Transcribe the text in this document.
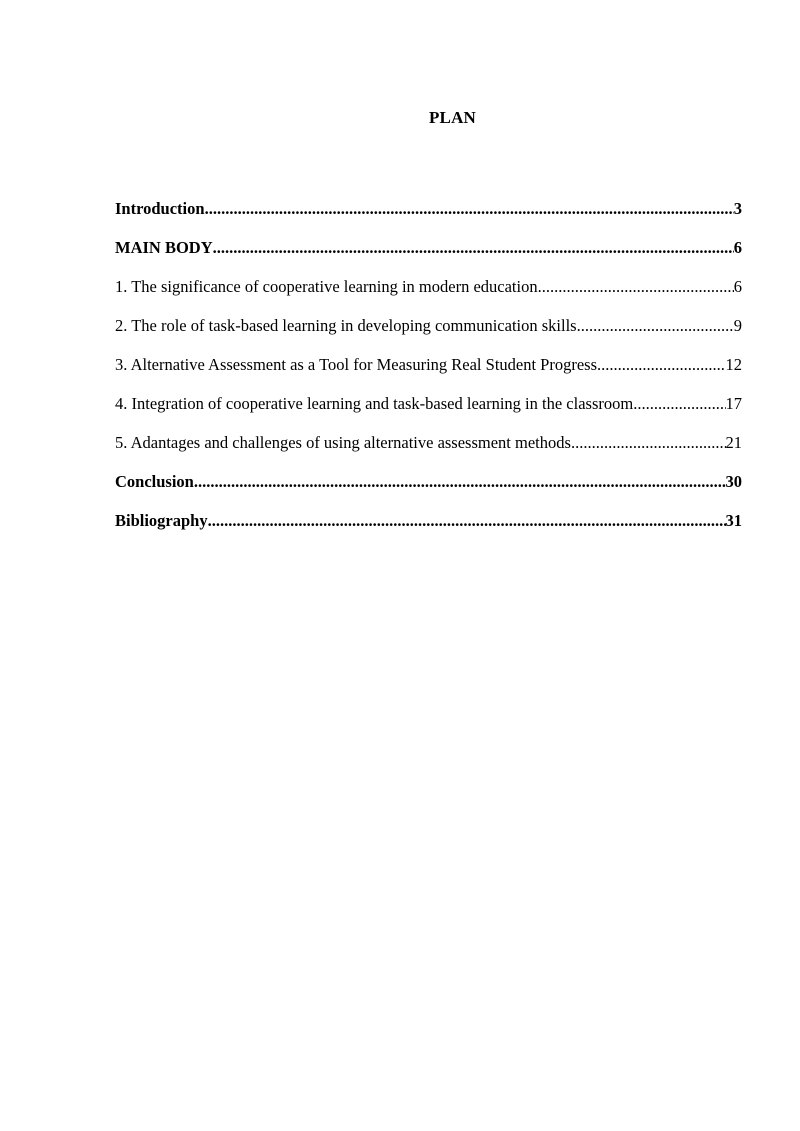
PLAN
Introduction .....	3
MAIN BODY .....	6
1. The significance of cooperative learning in modern education .....	6
2. The role of task-based learning in developing communication skills .....	9
3. Alternative Assessment as a Tool for Measuring Real Student Progress .....	12
4. Integration of cooperative learning and task-based learning in the classroom .....	17
5. Adantages and challenges of using alternative assessment methods .....	21
Conclusion .....	30
Bibliography .....	31
